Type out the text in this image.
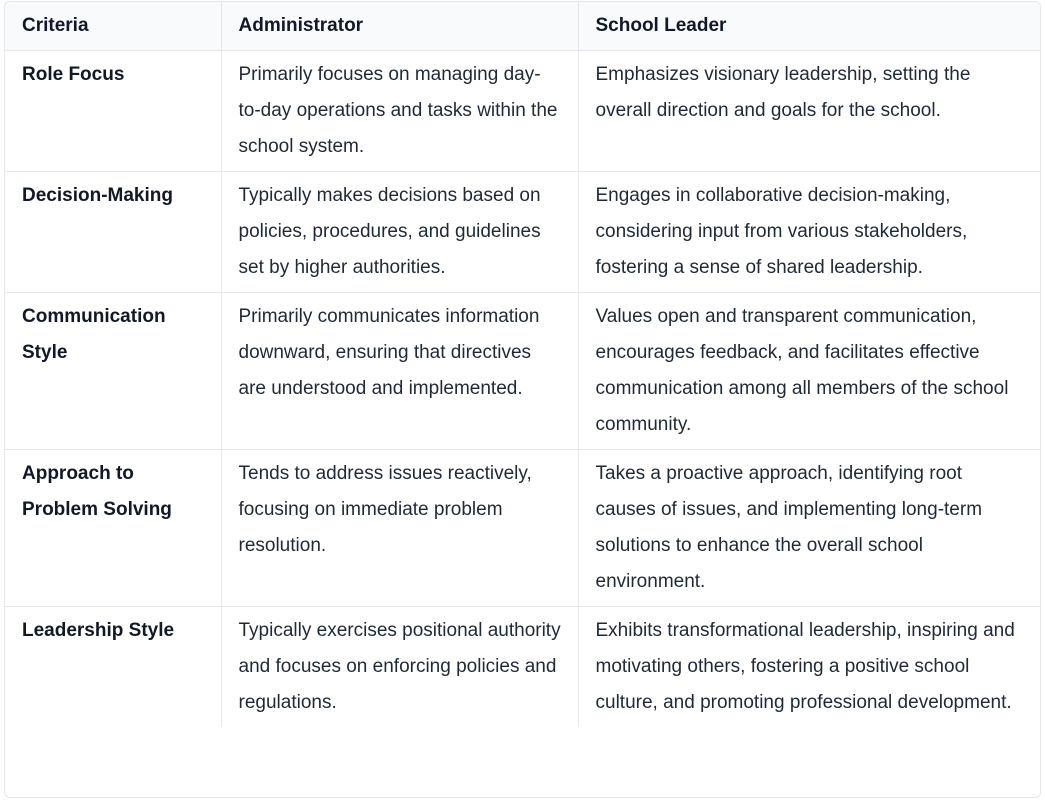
Criteria	Administrator	School Leader
Role Focus	Primarily focuses on managing day-to-day operations and tasks within the school system.	Emphasizes visionary leadership, setting the overall direction and goals for the school.
Decision-Making	Typically makes decisions based on policies, procedures, and guidelines set by higher authorities.	Engages in collaborative decision-making, considering input from various stakeholders, fostering a sense of shared leadership.
Communication Style	Primarily communicates information downward, ensuring that directives are understood and implemented.	Values open and transparent communication, encourages feedback, and facilitates effective communication among all members of the school community.
Approach to Problem Solving	Tends to address issues reactively, focusing on immediate problem resolution.	Takes a proactive approach, identifying root causes of issues, and implementing long-term solutions to enhance the overall school environment.
Leadership Style	Typically exercises positional authority and focuses on enforcing policies and regulations.	Exhibits transformational leadership, inspiring and motivating others, fostering a positive school culture, and promoting professional development.
